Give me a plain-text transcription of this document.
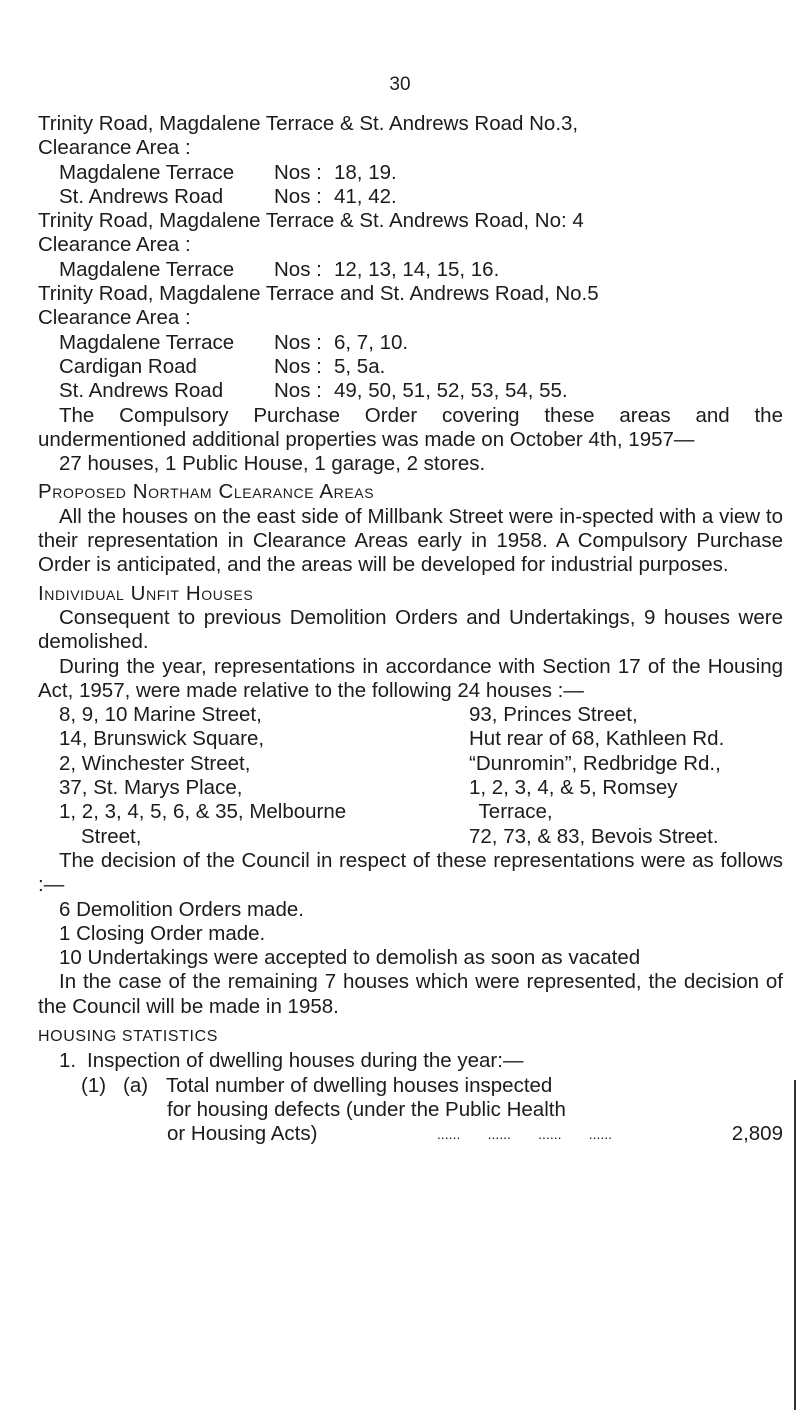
30

Trinity Road, Magdalene Terrace & St. Andrews Road No.3,

Clearance Area :

Magdalene Terrace	Nos : 18, 19.
St. Andrews Road	Nos : 41, 42.

Trinity Road, Magdalene Terrace & St. Andrews Road, No: 4

Clearance Area :

Magdalene Terrace	Nos : 12, 13, 14, 15, 16.

Trinity Road, Magdalene Terrace and St. Andrews Road, No.5

Clearance Area :

Magdalene Terrace	Nos : 6, 7, 10.
Cardigan Road	Nos : 5, 5a.
St. Andrews Road	Nos : 49, 50, 51, 52, 53, 54, 55.

The Compulsory Purchase Order covering these areas and the undermentioned additional properties was made on October 4th, 1957—

27 houses, 1 Public House, 1 garage, 2 stores.

Proposed Northam Clearance Areas

All the houses on the east side of Millbank Street were in-spected with a view to their representation in Clearance Areas early in 1958. A Compulsory Purchase Order is anticipated, and the areas will be developed for industrial purposes.

Individual Unfit Houses

Consequent to previous Demolition Orders and Undertakings, 9 houses were demolished.

During the year, representations in accordance with Section 17 of the Housing Act, 1957, were made relative to the following 24 houses :—

8, 9, 10 Marine Street,	93, Princes Street,
14, Brunswick Square,	Hut rear of 68, Kathleen Rd.
2, Winchester Street,	“Dunromin”, Redbridge Rd.,
37, St. Marys Place,	1, 2, 3, 4, & 5, Romsey
1, 2, 3, 4, 5, 6, & 35, Melbourne	Terrace,
Street,	72, 73, & 83, Bevois Street.

The decision of the Council in respect of these representations were as follows :—

6 Demolition Orders made.

1 Closing Order made.

10 Undertakings were accepted to demolish as soon as vacated

In the case of the remaining 7 houses which were represented, the decision of the Council will be made in 1958.

HOUSING STATISTICS

1. Inspection of dwelling houses during the year:—
(1) (a) Total number of dwelling houses inspected

for housing defects (under the Public Health

or Housing Acts)	......       ......       ......       ......	2,809
